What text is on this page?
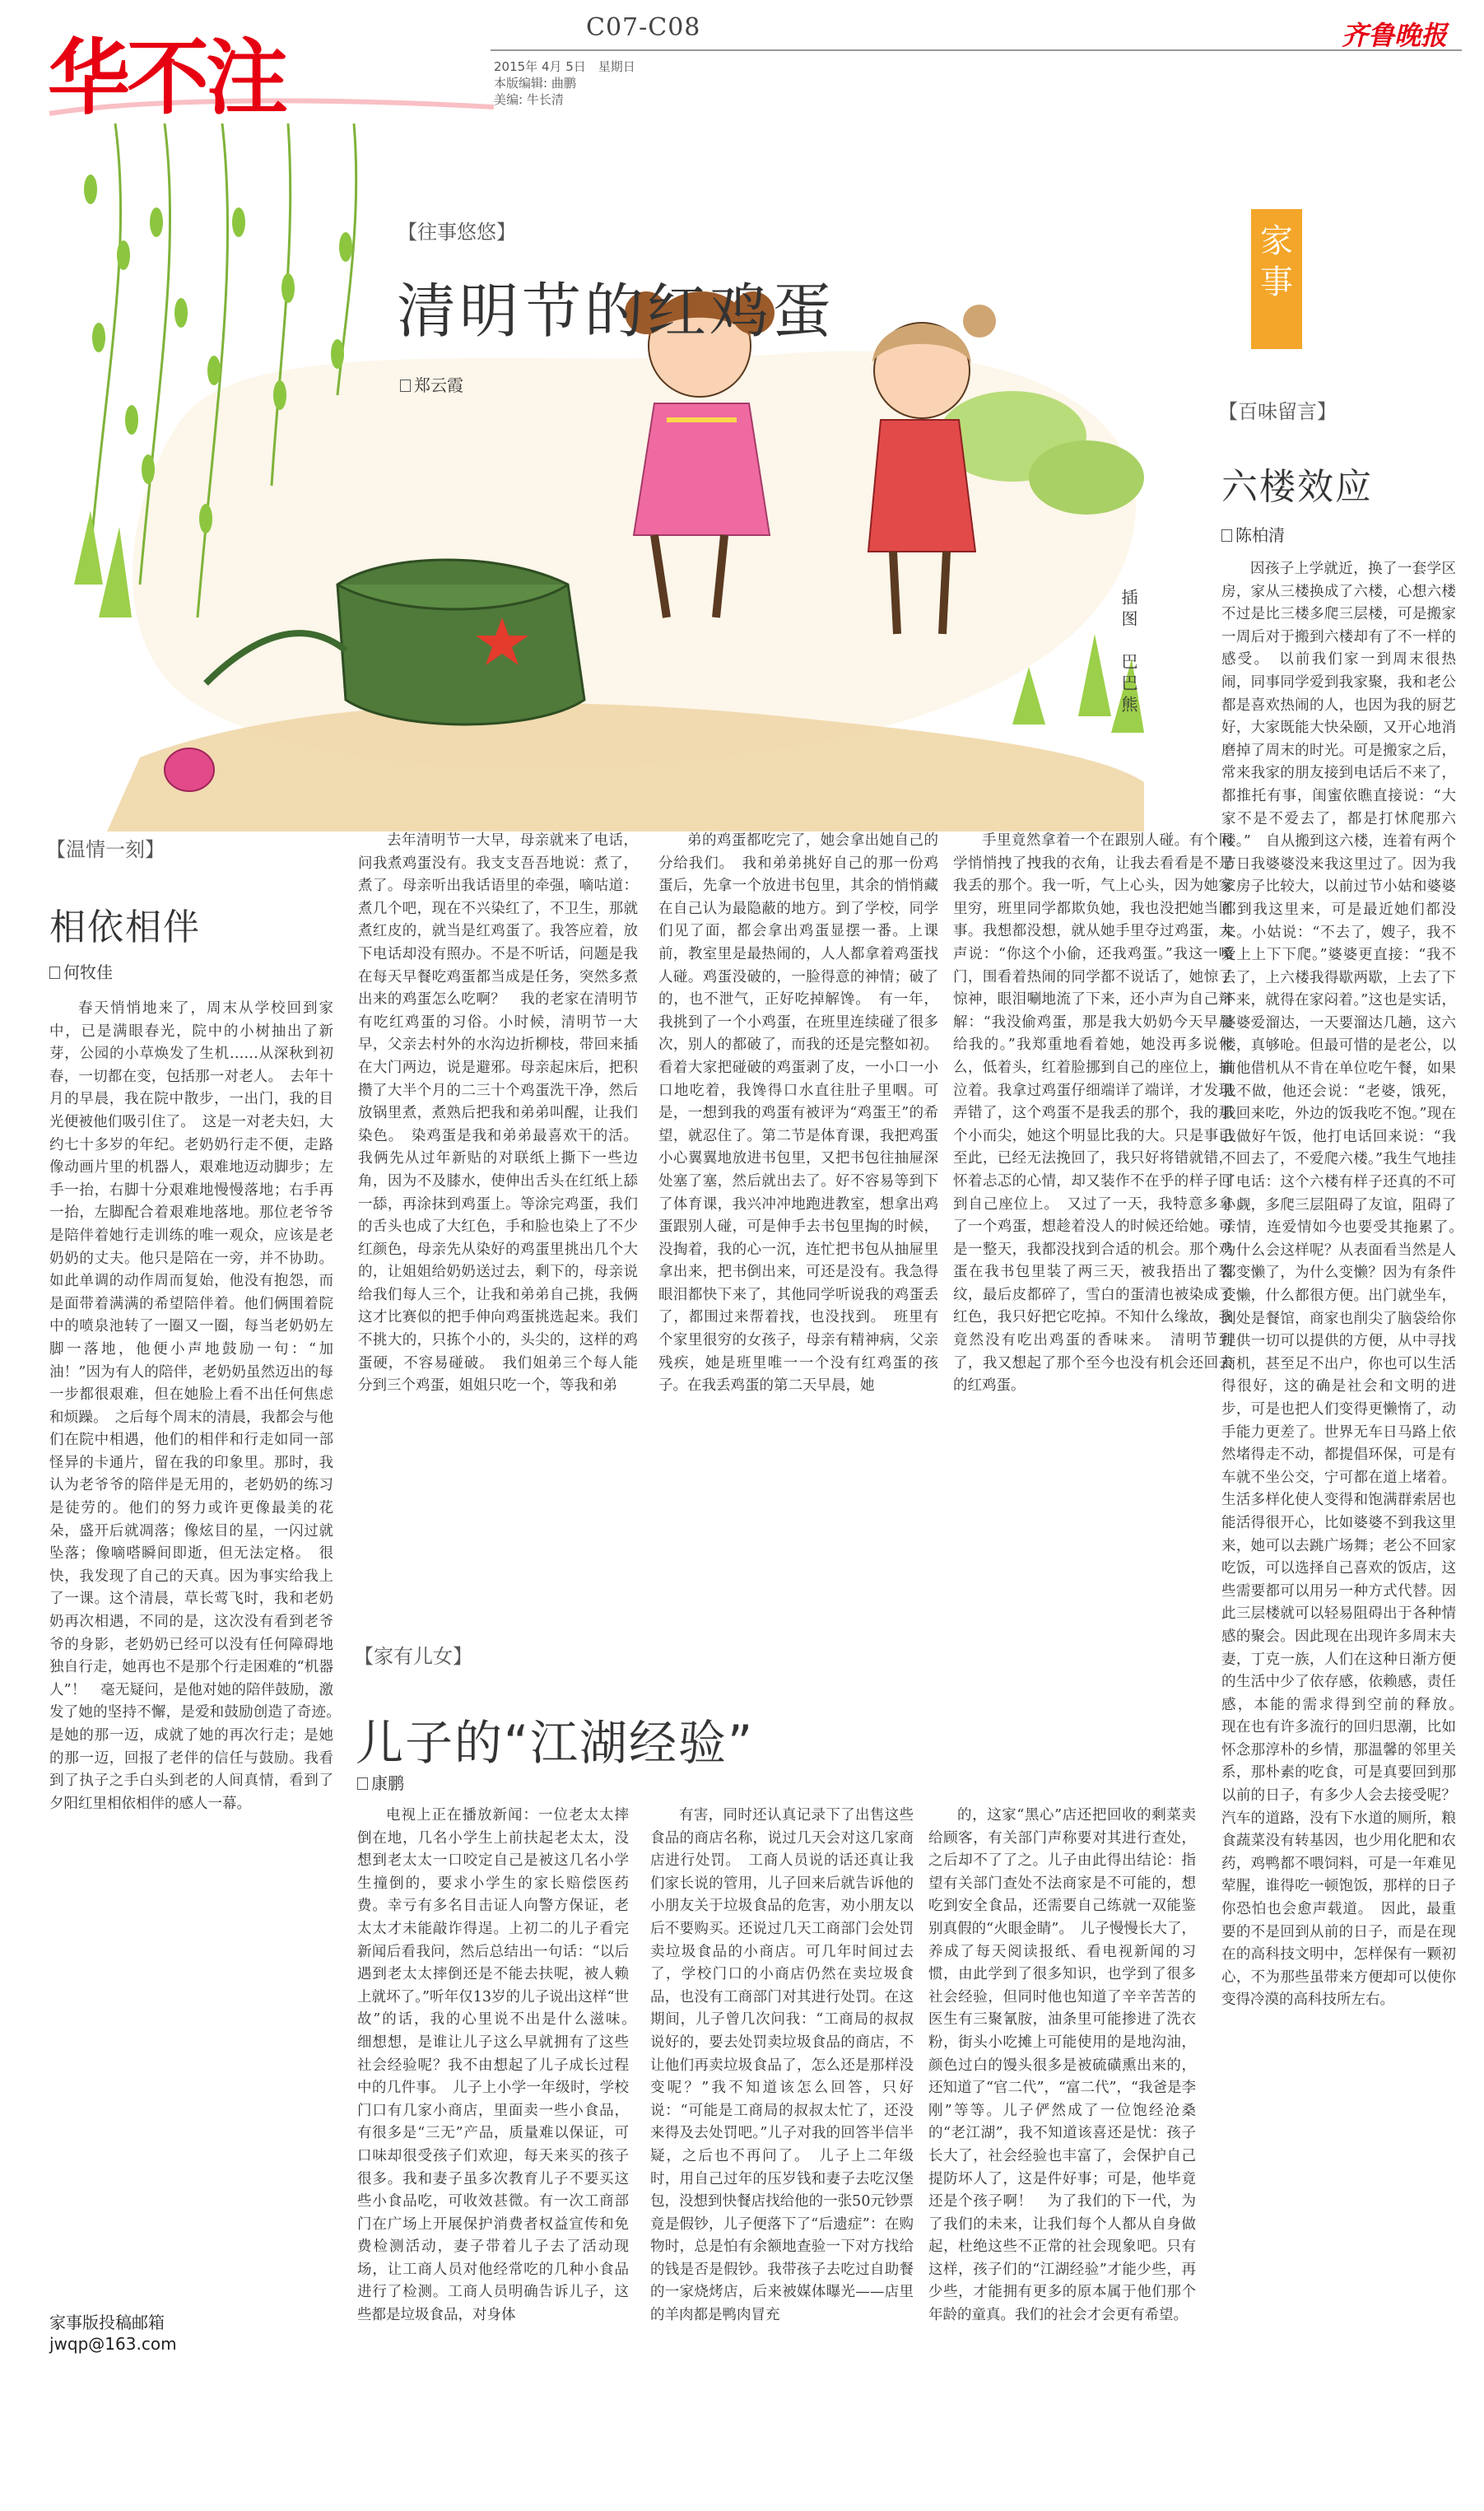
华不注
C07-C08
2015年 4月 5日　星期日
本版编辑: 曲鹏
美编: 牛长清
齐鲁晚报
【往事悠悠】
清明节的红鸡蛋
郑云霞
插图　巴巴熊
【温情一刻】
相依相伴
何牧佳
春天悄悄地来了，周末从学校回到家中，已是满眼春光，院中的小树抽出了新芽，公园的小草焕发了生机……从深秋到初春，一切都在变，包括那一对老人。　去年十月的早晨，我在院中散步，一出门，我的目光便被他们吸引住了。　这是一对老夫妇，大约七十多岁的年纪。老奶奶行走不便，走路像动画片里的机器人，艰难地迈动脚步；左手一抬，右脚十分艰难地慢慢落地；右手再一抬，左脚配合着艰难地落地。那位老爷爷是陪伴着她行走训练的唯一观众，应该是老奶奶的丈夫。他只是陪在一旁，并不协助。如此单调的动作周而复始，他没有抱怨，而是面带着满满的希望陪伴着。他们俩围着院中的喷泉池转了一圈又一圈，每当老奶奶左脚一落地，他便小声地鼓励一句：“加油！”因为有人的陪伴，老奶奶虽然迈出的每一步都很艰难，但在她脸上看不出任何焦虑和烦躁。　之后每个周末的清晨，我都会与他们在院中相遇，他们的相伴和行走如同一部怪异的卡通片，留在我的印象里。那时，我认为老爷爷的陪伴是无用的，老奶奶的练习是徒劳的。他们的努力或许更像最美的花朵，盛开后就凋落；像炫目的星，一闪过就坠落；像嘀嗒瞬间即逝，但无法定格。　很快，我发现了自己的天真。因为事实给我上了一课。这个清晨，草长莺飞时，我和老奶奶再次相遇，不同的是，这次没有看到老爷爷的身影，老奶奶已经可以没有任何障碍地独自行走，她再也不是那个行走困难的“机器人”！　毫无疑问，是他对她的陪伴鼓励，激发了她的坚持不懈，是爱和鼓励创造了奇迹。　是她的那一迈，成就了她的再次行走；是她的那一迈，回报了老伴的信任与鼓励。我看到了执子之手白头到老的人间真情，看到了夕阳红里相依相伴的感人一幕。
去年清明节一大早，母亲就来了电话，问我煮鸡蛋没有。我支支吾吾地说：煮了，煮了。母亲听出我话语里的牵强，嘀咕道：煮几个吧，现在不兴染红了，不卫生，那就煮红皮的，就当是红鸡蛋了。我答应着，放下电话却没有照办。不是不听话，问题是我在每天早餐吃鸡蛋都当成是任务，突然多煮出来的鸡蛋怎么吃啊？　我的老家在清明节有吃红鸡蛋的习俗。小时候，清明节一大早，父亲去村外的水沟边折柳枝，带回来插在大门两边，说是避邪。母亲起床后，把积攒了大半个月的二三十个鸡蛋洗干净，然后放锅里煮，煮熟后把我和弟弟叫醒，让我们染色。　染鸡蛋是我和弟弟最喜欢干的活。我俩先从过年新贴的对联纸上撕下一些边角，因为不及膝水，使伸出舌头在红纸上舔一舔，再涂抹到鸡蛋上。等涂完鸡蛋，我们的舌头也成了大红色，手和脸也染上了不少红颜色，母亲先从染好的鸡蛋里挑出几个大的，让姐姐给奶奶送过去，剩下的，母亲说给我们每人三个，让我和弟弟自己挑，我俩这才比赛似的把手伸向鸡蛋挑选起来。我们不挑大的，只拣个小的，头尖的，这样的鸡蛋硬，不容易碰破。　我们姐弟三个每人能分到三个鸡蛋，姐姐只吃一个，等我和弟
弟的鸡蛋都吃完了，她会拿出她自己的分给我们。　我和弟弟挑好自己的那一份鸡蛋后，先拿一个放进书包里，其余的悄悄藏在自己认为最隐蔽的地方。到了学校，同学们见了面，都会拿出鸡蛋显摆一番。上课前，教室里是最热闹的，人人都拿着鸡蛋找人碰。鸡蛋没破的，一脸得意的神情；破了的，也不泄气，正好吃掉解馋。　有一年，我挑到了一个小鸡蛋，在班里连续碰了很多次，别人的都破了，而我的还是完整如初。看着大家把碰破的鸡蛋剥了皮，一小口一小口地吃着，我馋得口水直往肚子里咽。可是，一想到我的鸡蛋有被评为“鸡蛋王”的希望，就忍住了。第二节是体育课，我把鸡蛋小心翼翼地放进书包里，又把书包往抽屉深处塞了塞，然后就出去了。好不容易等到下了体育课，我兴冲冲地跑进教室，想拿出鸡蛋跟别人碰，可是伸手去书包里掏的时候，没掏着，我的心一沉，连忙把书包从抽屉里拿出来，把书倒出来，可还是没有。我急得眼泪都快下来了，其他同学听说我的鸡蛋丢了，都围过来帮着找，也没找到。　班里有个家里很穷的女孩子，母亲有精神病，父亲残疾，她是班里唯一一个没有红鸡蛋的孩子。在我丢鸡蛋的第二天早晨，她
手里竟然拿着一个在跟别人碰。有个同学悄悄拽了拽我的衣角，让我去看看是不是我丢的那个。我一听，气上心头，因为她家里穷，班里同学都欺负她，我也没把她当回事。我想都没想，就从她手里夺过鸡蛋，大声说：“你这个小偷，还我鸡蛋。”我这一嗓门，围看着热闹的同学都不说话了，她惊了惊神，眼泪唰地流了下来，还小声为自己辩解：“我没偷鸡蛋，那是我大奶奶今天早晨给我的。”我郑重地看着她，她没再多说什么，低着头，红着脸挪到自己的座位上，抽泣着。我拿过鸡蛋仔细端详了端详，才发现弄错了，这个鸡蛋不是我丢的那个，我的那个小而尖，她这个明显比我的大。只是事已至此，已经无法挽回了，我只好将错就错，怀着忐忑的心情，却又装作不在乎的样子回到自己座位上。　又过了一天，我特意多拿了一个鸡蛋，想趁着没人的时候还给她。可是一整天，我都没找到合适的机会。那个鸡蛋在我书包里装了两三天，被我捂出了裂纹，最后皮都碎了，雪白的蛋清也被染成了红色，我只好把它吃掉。不知什么缘故，我竟然没有吃出鸡蛋的香味来。　清明节到了，我又想起了那个至今也没有机会还回去的红鸡蛋。
家事
【百味留言】
六楼效应
陈柏清
因孩子上学就近，换了一套学区房，家从三楼换成了六楼，心想六楼不过是比三楼多爬三层楼，可是搬家一周后对于搬到六楼却有了不一样的感受。　以前我们家一到周末很热闹，同事同学爱到我家聚，我和老公都是喜欢热闹的人，也因为我的厨艺好，大家既能大快朵颐，又开心地消磨掉了周末的时光。可是搬家之后，常来我家的朋友接到电话后不来了，都推托有事，闺蜜依瞧直接说：“大家不是不爱去了，都是打怵爬那六楼。”　自从搬到这六楼，连着有两个节日我婆婆没来我这里过了。因为我家房子比较大，以前过节小姑和婆婆都到我这里来，可是最近她们都没来。小姑说：“不去了，嫂子，我不爱上上下下爬。”婆婆更直接：“我不去了，上六楼我得歇两歇，上去了下不来，就得在家闷着。”这也是实话，婆婆爱溜达，一天要溜达几趟，这六楼，真够呛。但最可惜的是老公，以前他借机从不肯在单位吃午餐，如果我不做，他还会说：“老婆，饿死，我回来吃，外边的饭我吃不饱。”现在我做好午饭，他打电话回来说：“我不回去了，不爱爬六楼。”我生气地挂了电话：这个六楼有样子还真的不可小觑，多爬三层阻碍了友谊，阻碍了亲情，连爱情如今也要受其拖累了。　为什么会这样呢？从表面看当然是人都变懒了，为什么变懒？因为有条件变懒，什么都很方便。出门就坐车，到处是餐馆，商家也削尖了脑袋给你提供一切可以提供的方便，从中寻找商机，甚至足不出户，你也可以生活得很好，这的确是社会和文明的进步，可是也把人们变得更懒惰了，动手能力更差了。世界无车日马路上依然堵得走不动，都提倡环保，可是有车就不坐公交，宁可都在道上堵着。生活多样化使人变得和饱满群索居也能活得很开心，比如婆婆不到我这里来，她可以去跳广场舞；老公不回家吃饭，可以选择自己喜欢的饭店，这些需要都可以用另一种方式代替。因此三层楼就可以轻易阻碍出于各种情感的聚会。因此现在出现许多周末夫妻，丁克一族，人们在这种日渐方便的生活中少了依存感，依赖感，责任感，本能的需求得到空前的释放。　现在也有许多流行的回归思潮，比如怀念那淳朴的乡情，那温馨的邻里关系，那朴素的吃食，可是真要回到那以前的日子，有多少人会去接受呢？汽车的道路，没有下水道的厕所，粮食蔬菜没有转基因，也少用化肥和农药，鸡鸭都不喂饲料，可是一年难见荤腥，谁得吃一顿饱饭，那样的日子你恐怕也会愈声载道。　因此，最重要的不是回到从前的日子，而是在现在的高科技文明中，怎样保有一颗初心，不为那些虽带来方便却可以使你变得冷漠的高科技所左右。
【家有儿女】
儿子的“江湖经验”
康鹏
电视上正在播放新闻：一位老太太摔倒在地，几名小学生上前扶起老太太，没想到老太太一口咬定自己是被这几名小学生撞倒的，要求小学生的家长赔偿医药费。幸亏有多名目击证人向警方保证，老太太才未能敲诈得逞。上初二的儿子看完新闻后看我问，然后总结出一句话：“以后遇到老太太摔倒还是不能去扶呢，被人赖上就坏了。”听年仅13岁的儿子说出这样“世故”的话，我的心里说不出是什么滋味。　细想想，是谁让儿子这么早就拥有了这些社会经验呢？我不由想起了儿子成长过程中的几件事。　儿子上小学一年级时，学校门口有几家小商店，里面卖一些小食品，有很多是“三无”产品，质量难以保证，可口味却很受孩子们欢迎，每天来买的孩子很多。我和妻子虽多次教育儿子不要买这些小食品吃，可收效甚微。有一次工商部门在广场上开展保护消费者权益宣传和免费检测活动，妻子带着儿子去了活动现场，让工商人员对他经常吃的几种小食品进行了检测。工商人员明确告诉儿子，这些都是垃圾食品，对身体
有害，同时还认真记录下了出售这些食品的商店名称，说过几天会对这几家商店进行处罚。　工商人员说的话还真让我们家长说的管用，儿子回来后就告诉他的小朋友关于垃圾食品的危害，劝小朋友以后不要购买。还说过几天工商部门会处罚卖垃圾食品的小商店。可几年时间过去了，学校门口的小商店仍然在卖垃圾食品，也没有工商部门对其进行处罚。在这期间，儿子曾几次问我：“工商局的叔叔说好的，要去处罚卖垃圾食品的商店，不让他们再卖垃圾食品了，怎么还是那样没变呢？”我不知道该怎么回答，只好说：“可能是工商局的叔叔太忙了，还没来得及去处罚吧。”儿子对我的回答半信半疑，之后也不再问了。　儿子上二年级时，用自己过年的压岁钱和妻子去吃汉堡包，没想到快餐店找给他的一张50元钞票竟是假钞，儿子便落下了“后遗症”：在购物时，总是怕有余额地查验一下对方找给的钱是否是假钞。我带孩子去吃过自助餐的一家烧烤店，后来被媒体曝光——店里的羊肉都是鸭肉冒充
的，这家“黑心”店还把回收的剩菜卖给顾客，有关部门声称要对其进行查处，之后却不了了之。儿子由此得出结论：指望有关部门查处不法商家是不可能的，想吃到安全食品，还需要自己练就一双能鉴别真假的“火眼金睛”。　儿子慢慢长大了，养成了每天阅读报纸、看电视新闻的习惯，由此学到了很多知识，也学到了很多社会经验，但同时他也知道了辛辛苦苦的医生有三聚氰胺，油条里可能掺进了洗衣粉，街头小吃摊上可能使用的是地沟油，颜色过白的馒头很多是被硫磺熏出来的，还知道了“官二代”，“富二代”，“我爸是李刚”等等。儿子俨然成了一位饱经沧桑的“老江湖”，我不知道该喜还是忧：孩子长大了，社会经验也丰富了，会保护自己提防坏人了，这是件好事；可是，他毕竟还是个孩子啊！　为了我们的下一代，为了我们的未来，让我们每个人都从自身做起，杜绝这些不正常的社会现象吧。只有这样，孩子们的“江湖经验”才能少些，再少些，才能拥有更多的原本属于他们那个年龄的童真。我们的社会才会更有希望。
家事版投稿邮箱
jwqp@163.com
